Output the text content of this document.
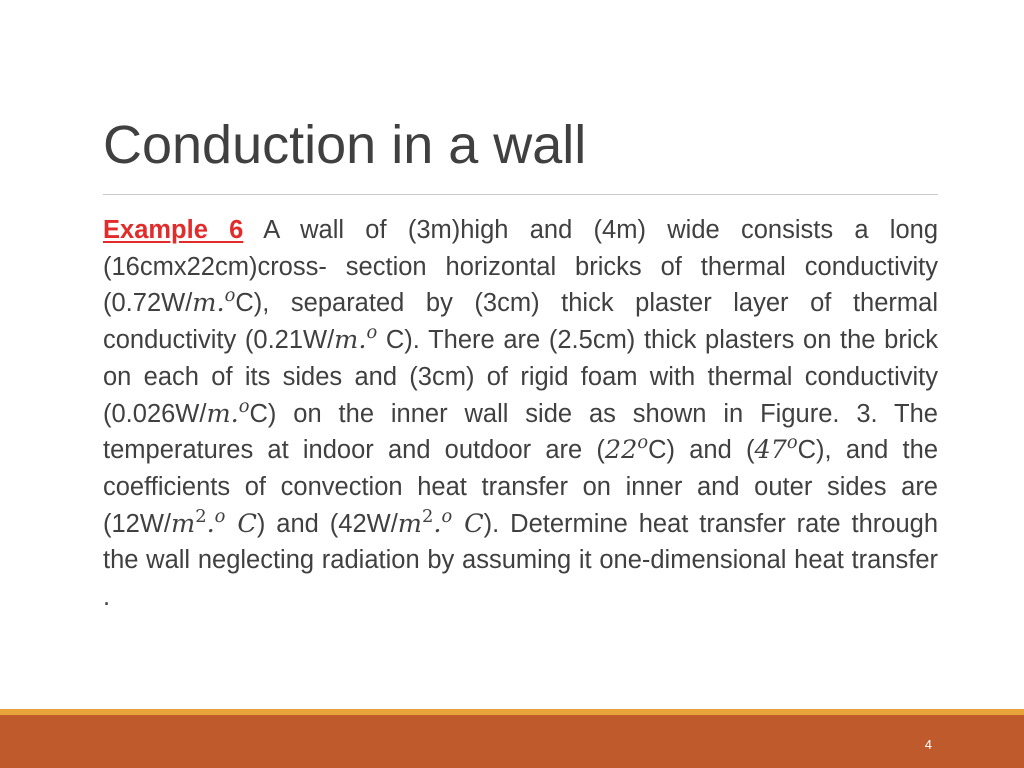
Conduction in a wall

Example 6 A wall of (3m)high and (4m) wide consists a long (16cmx22cm)cross- section horizontal bricks of thermal conductivity (0.72W/m.$^o$C), separated by (3cm) thick plaster layer of thermal conductivity (0.21W/m.$^o$ C). There are (2.5cm) thick plasters on the brick on each of its sides and (3cm) of rigid foam with thermal conductivity (0.026W/m.$^o$C) on the inner wall side as shown in Figure. 3. The temperatures at indoor and outdoor are (22$^o$C) and (47$^o$C), and the coefficients of convection heat transfer on inner and outer sides are ($12W/m^2.^o$ C) and ($42W/m^2.^o$ C). Determine heat transfer rate through the wall neglecting radiation by assuming it one-dimensional heat transfer .

4
